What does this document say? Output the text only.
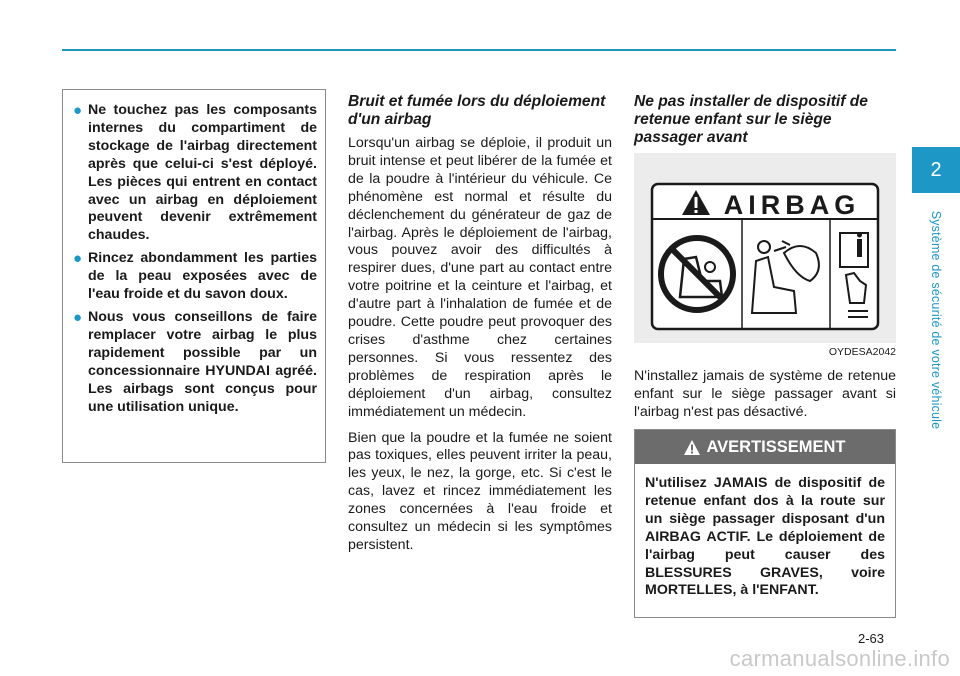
2
Système de sécurité de votre véhicule
● Ne touchez pas les composants internes du compartiment de stockage de l'airbag directement après que celui-ci s'est déployé. Les pièces qui entrent en contact avec un airbag en déploiement peuvent devenir extrêmement chaudes.
● Rincez abondamment les parties de la peau exposées avec de l'eau froide et du savon doux.
● Nous vous conseillons de faire remplacer votre airbag le plus rapidement possible par un concessionnaire HYUNDAI agréé. Les airbags sont conçus pour une utilisation unique.
Bruit et fumée lors du déploiement d'un airbag

Lorsqu'un airbag se déploie, il produit un bruit intense et peut libérer de la fumée et de la poudre à l'intérieur du véhicule. Ce phénomène est normal et résulte du déclenchement du générateur de gaz de l'airbag. Après le déploiement de l'airbag, vous pouvez avoir des difficultés à respirer dues, d'une part au contact entre votre poitrine et la ceinture et l'airbag, et d'autre part à l'inhalation de fumée et de poudre. Cette poudre peut provoquer des crises d'asthme chez certaines personnes. Si vous ressentez des problèmes de respiration après le déploiement d'un airbag, consultez immédiatement un médecin.

Bien que la poudre et la fumée ne soient pas toxiques, elles peuvent irriter la peau, les yeux, le nez, la gorge, etc. Si c'est le cas, lavez et rincez immédiatement les zones concernées à l'eau froide et consultez un médecin si les symptômes persistent.

Ne pas installer de dispositif de retenue enfant sur le siège passager avant
AIRBAG
OYDESA2042

N'installez jamais de système de retenue enfant sur le siège passager avant si l'airbag n'est pas désactivé.

AVERTISSEMENT

N'utilisez JAMAIS de dispositif de retenue enfant dos à la route sur un siège passager disposant d'un AIRBAG ACTIF. Le déploiement de l'airbag peut causer des BLESSURES GRAVES, voire MORTELLES, à l'ENFANT.

2-63
carmanualsonline.info
